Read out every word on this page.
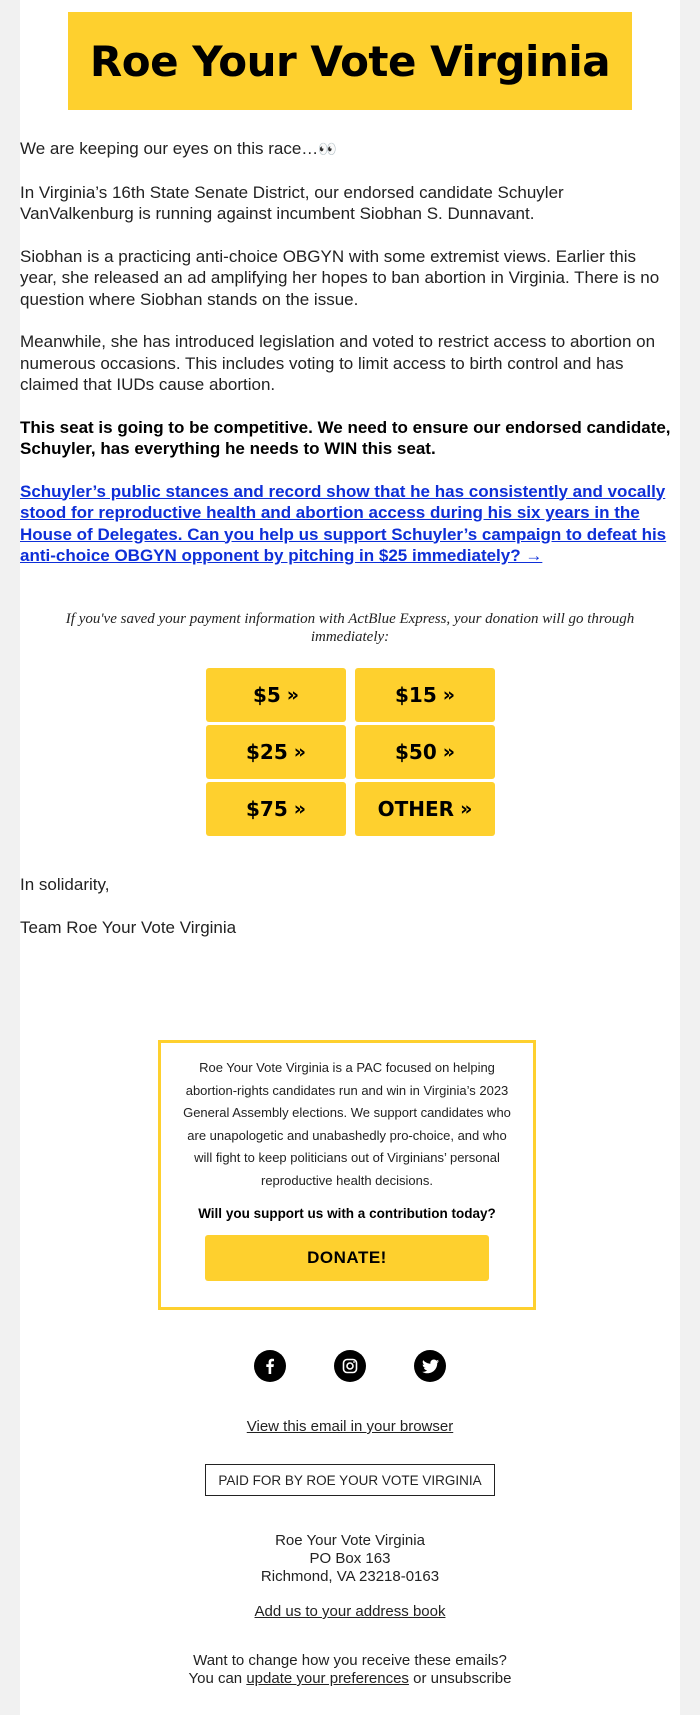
Roe Your Vote Virginia

We are keeping our eyes on this race…👀

In Virginia’s 16th State Senate District, our endorsed candidate Schuyler VanValkenburg is running against incumbent Siobhan S. Dunnavant.

Siobhan is a practicing anti-choice OBGYN with some extremist views. Earlier this year, she released an ad amplifying her hopes to ban abortion in Virginia. There is no question where Siobhan stands on the issue.

Meanwhile, she has introduced legislation and voted to restrict access to abortion on numerous occasions. This includes voting to limit access to birth control and has claimed that IUDs cause abortion.

This seat is going to be competitive. We need to ensure our endorsed candidate, Schuyler, has everything he needs to WIN this seat.

Schuyler’s public stances and record show that he has consistently and vocally stood for reproductive health and abortion access during his six years in the House of Delegates. Can you help us support Schuyler’s campaign to defeat his anti-choice OBGYN opponent by pitching in $25 immediately? →

If you've saved your payment information with ActBlue Express, your donation will go through immediately:
$5 »	$15 »
$25 »	$50 »
$75 »	OTHER »

In solidarity,

Team Roe Your Vote Virginia

Roe Your Vote Virginia is a PAC focused on helping abortion-rights candidates run and win in Virginia’s 2023 General Assembly elections. We support candidates who are unapologetic and unabashedly pro-choice, and who will fight to keep politicians out of Virginians’ personal reproductive health decisions.
Will you support us with a contribution today?
DONATE!
View this email in your browser
PAID FOR BY ROE YOUR VOTE VIRGINIA
Roe Your Vote Virginia
PO Box 163
Richmond, VA 23218-0163
Add us to your address book
Want to change how you receive these emails?
You can update your preferences or unsubscribe
